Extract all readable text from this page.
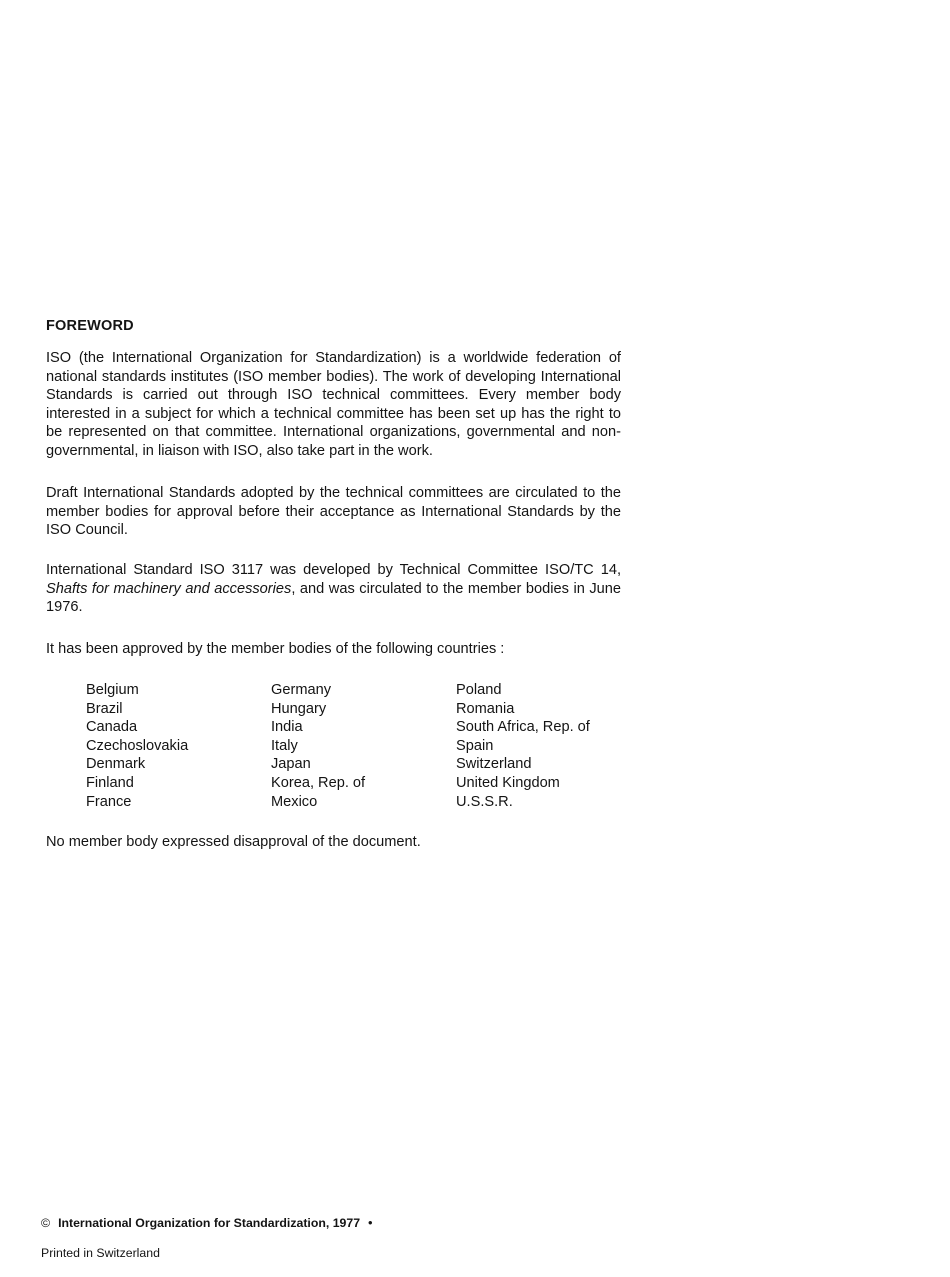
FOREWORD

ISO (the International Organization for Standardization) is a worldwide federation of national standards institutes (ISO member bodies). The work of developing International Standards is carried out through ISO technical committees. Every member body interested in a subject for which a technical committee has been set up has the right to be represented on that committee. International organizations, governmental and non-governmental, in liaison with ISO, also take part in the work.

Draft International Standards adopted by the technical committees are circulated to the member bodies for approval before their acceptance as International Standards by the ISO Council.

International Standard ISO 3117 was developed by Technical Committee ISO/TC 14, Shafts for machinery and accessories, and was circulated to the member bodies in June 1976.

It has been approved by the member bodies of the following countries :

Belgium
Brazil
Canada
Czechoslovakia
Denmark
Finland
France
Germany
Hungary
India
Italy
Japan
Korea, Rep. of
Mexico
Poland
Romania
South Africa, Rep. of
Spain
Switzerland
United Kingdom
U.S.S.R.

No member body expressed disapproval of the document.

© International Organization for Standardization, 1977 •
Printed in Switzerland
